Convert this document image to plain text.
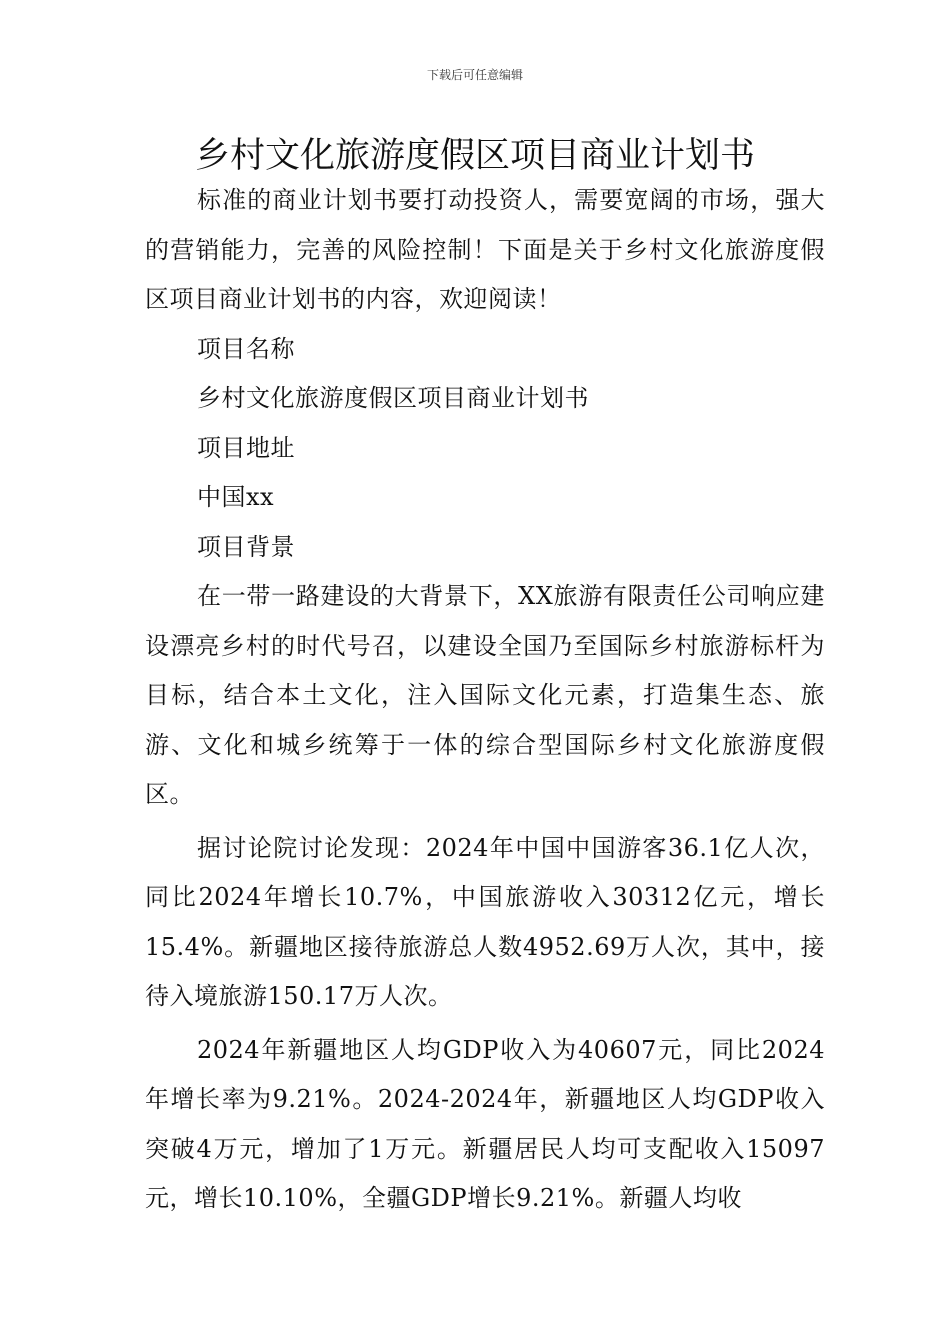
下载后可任意编辑
乡村文化旅游度假区项目商业计划书

标准的商业计划书要打动投资人，需要宽阔的市场，强大的营销能力，完善的风险控制！下面是关于乡村文化旅游度假区项目商业计划书的内容，欢迎阅读！

项目名称

乡村文化旅游度假区项目商业计划书

项目地址

中国xx

项目背景

在一带一路建设的大背景下，XX旅游有限责任公司响应建设漂亮乡村的时代号召，以建设全国乃至国际乡村旅游标杆为目标，结合本土文化，注入国际文化元素，打造集生态、旅游、文化和城乡统筹于一体的综合型国际乡村文化旅游度假区。

据讨论院讨论发现：2024年中国中国游客36.1亿人次，同比2024年增长10.7%，中国旅游收入30312亿元，增长15.4%。新疆地区接待旅游总人数4952.69万人次，其中，接待入境旅游150.17万人次。

2024年新疆地区人均GDP收入为40607元，同比2024年增长率为9.21%。2024-2024年，新疆地区人均GDP收入突破4万元，增加了1万元。新疆居民人均可支配收入15097元，增长10.10%，全疆GDP增长9.21%。新疆人均收
